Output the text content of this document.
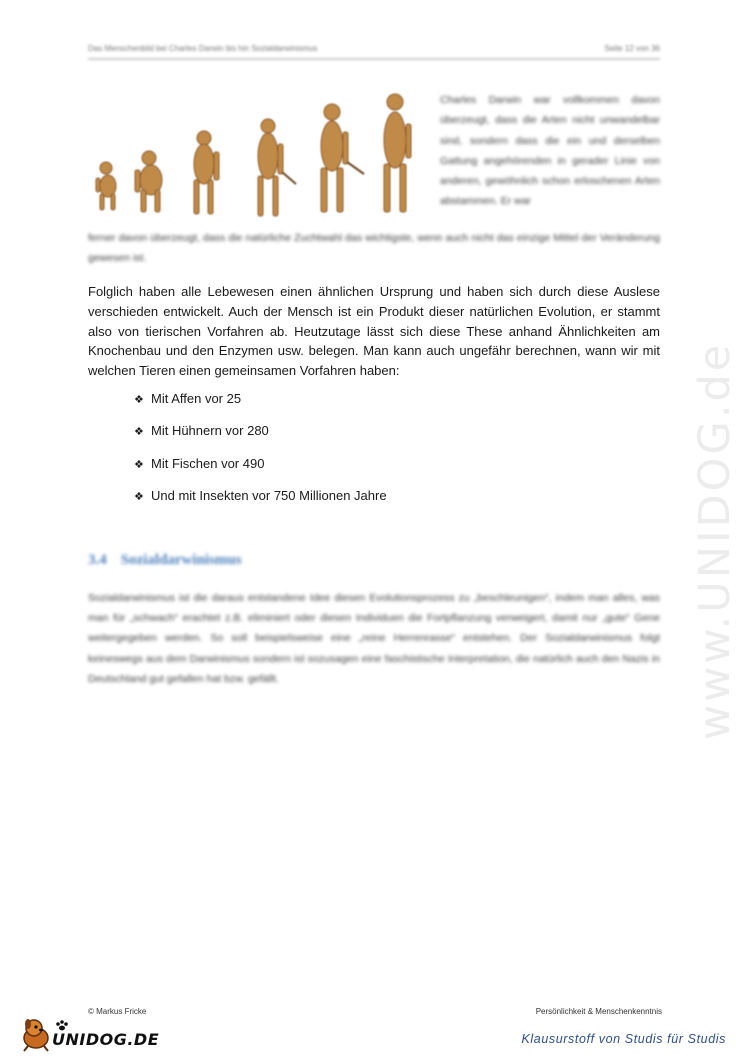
Das Menschenbild bei Charles Darwin bis hin Sozialdarwinismus	Seite 12 von 36
Charles Darwin war vollkommen davon überzeugt, dass die Arten nicht unwandelbar sind, sondern dass die ein und derselben Gattung angehörenden in gerader Linie von anderen, gewöhnlich schon erloschenen Arten abstammen. Er war
ferner davon überzeugt, dass die natürliche Zuchtwahl das wichtigste, wenn auch nicht das einzige Mittel der Veränderung gewesen ist.

Folglich haben alle Lebewesen einen ähnlichen Ursprung und haben sich durch diese Auslese verschieden entwickelt. Auch der Mensch ist ein Produkt dieser natürlichen Evolution, er stammt also von tierischen Vorfahren ab. Heutzutage lässt sich diese These anhand Ähnlichkeiten am Knochenbau und den Enzymen usw. belegen. Man kann auch ungefähr berechnen, wann wir mit welchen Tieren einen gemeinsamen Vorfahren haben:

❖ Mit Affen vor 25
❖ Mit Hühnern vor 280
❖ Mit Fischen vor 490
❖ Und mit Insekten vor 750 Millionen Jahre
3.4 Sozialdarwinismus
Sozialdarwinismus ist die daraus entstandene Idee diesen Evolutionsprozess zu „beschleunigen“, indem man alles, was man für „schwach“ erachtet z.B. eliminiert oder diesen Individuen die Fortpflanzung verweigert, damit nur „gute“ Gene weitergegeben werden. So soll beispielsweise eine „reine Herrenrasse“ entstehen. Der Sozialdarwinismus folgt keineswegs aus dem Darwinismus sondern ist sozusagen eine faschistische Interpretation, die natürlich auch den Nazis in Deutschland gut gefallen hat bzw. gefällt.	www.UNIDOG.de
© Markus Fricke	Persönlichkeit & Menschenkenntnis
UNIDOG.DE	Klausurstoff von Studis für Studis
